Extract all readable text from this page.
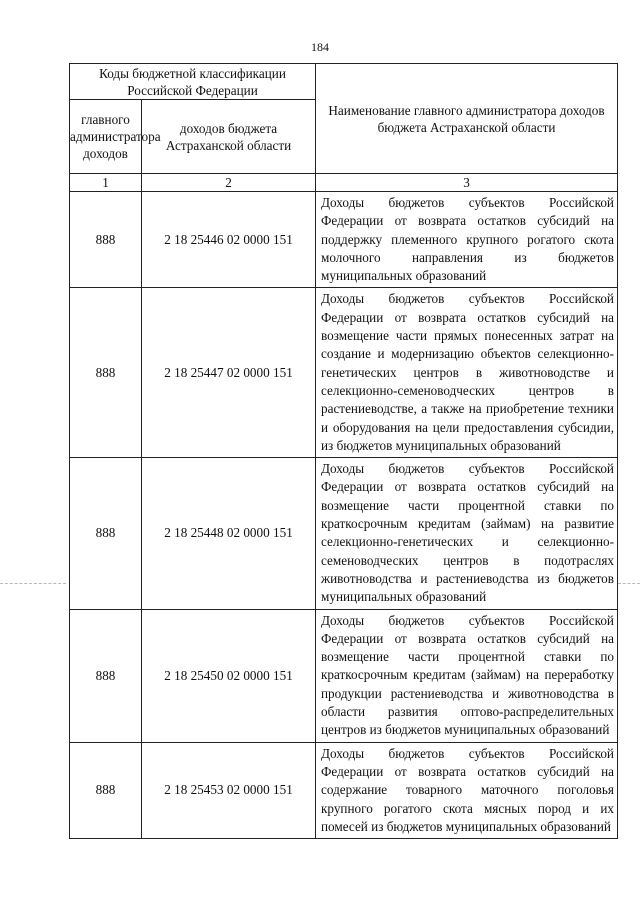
184
Коды бюджетной классификации Российской Федерации		Наименование главного администратора доходов бюджета Астраханской области
главного администратора доходов	доходов бюджета Астраханской области	
1	2	3
888	2 18 25446 02 0000 151	Доходы бюджетов субъектов Российской Федерации от возврата остатков субсидий на поддержку племенного крупного рогатого скота молочного направления из бюджетов муниципальных образований
888	2 18 25447 02 0000 151	Доходы бюджетов субъектов Российской Федерации от возврата остатков субсидий на возмещение части прямых понесенных затрат на создание и модернизацию объектов селекционно-генетических центров в животноводстве и селекционно-семеноводческих центров в растениеводстве, а также на приобретение техники и оборудования на цели предоставления субсидии, из бюджетов муниципальных образований
888	2 18 25448 02 0000 151	Доходы бюджетов субъектов Российской Федерации от возврата остатков субсидий на возмещение части процентной ставки по краткосрочным кредитам (займам) на развитие селекционно-генетических и селекционно-семеноводческих центров в подотраслях животноводства и растениеводства из бюджетов муниципальных образований
888	2 18 25450 02 0000 151	Доходы бюджетов субъектов Российской Федерации от возврата остатков субсидий на возмещение части процентной ставки по краткосрочным кредитам (займам) на переработку продукции растениеводства и животноводства в области развития оптово-распределительных центров из бюджетов муниципальных образований
888	2 18 25453 02 0000 151	Доходы бюджетов субъектов Российской Федерации от возврата остатков субсидий на содержание товарного маточного поголовья крупного рогатого скота мясных пород и их помесей из бюджетов муниципальных образований
